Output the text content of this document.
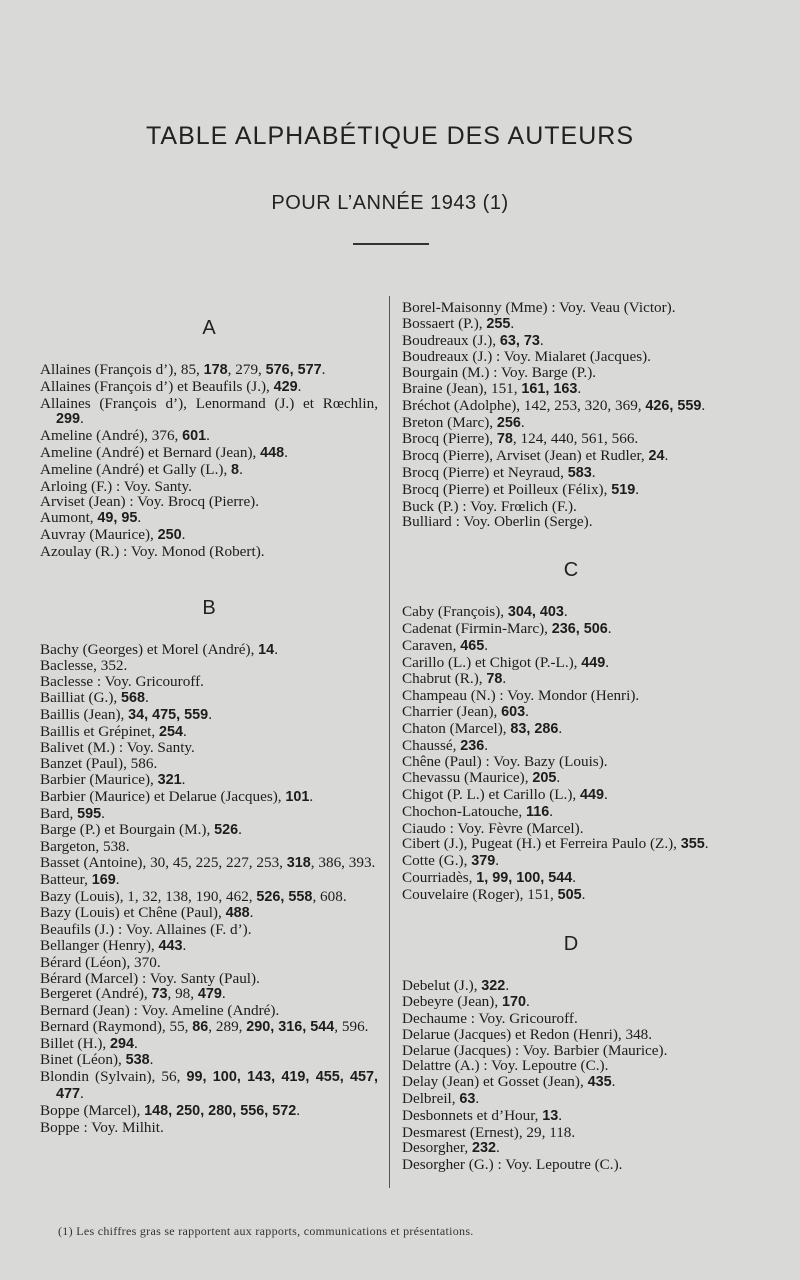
TABLE ALPHABÉTIQUE DES AUTEURS
POUR L’ANNÉE 1943 (1)
A
Allaines (François d’), 85, 178, 279, 576, 577.
Allaines (François d’) et Beaufils (J.), 429.
Allaines (François d’), Lenormand (J.) et Rœchlin, 299.
Ameline (André), 376, 601.
Ameline (André) et Bernard (Jean), 448.
Ameline (André) et Gally (L.), 8.
Arloing (F.) : Voy. Santy.
Arviset (Jean) : Voy. Brocq (Pierre).
Aumont, 49, 95.
Auvray (Maurice), 250.
Azoulay (R.) : Voy. Monod (Robert).
B
Bachy (Georges) et Morel (André), 14.
Baclesse, 352.
Baclesse : Voy. Gricouroff.
Bailliat (G.), 568.
Baillis (Jean), 34, 475, 559.
Baillis et Grépinet, 254.
Balivet (M.) : Voy. Santy.
Banzet (Paul), 586.
Barbier (Maurice), 321.
Barbier (Maurice) et Delarue (Jacques), 101.
Bard, 595.
Barge (P.) et Bourgain (M.), 526.
Bargeton, 538.
Basset (Antoine), 30, 45, 225, 227, 253, 318, 386, 393.
Batteur, 169.
Bazy (Louis), 1, 32, 138, 190, 462, 526, 558, 608.
Bazy (Louis) et Chêne (Paul), 488.
Beaufils (J.) : Voy. Allaines (F. d’).
Bellanger (Henry), 443.
Bérard (Léon), 370.
Bérard (Marcel) : Voy. Santy (Paul).
Bergeret (André), 73, 98, 479.
Bernard (Jean) : Voy. Ameline (André).
Bernard (Raymond), 55, 86, 289, 290, 316, 544, 596.
Billet (H.), 294.
Binet (Léon), 538.
Blondin (Sylvain), 56, 99, 100, 143, 419, 455, 457, 477.
Boppe (Marcel), 148, 250, 280, 556, 572.
Boppe : Voy. Milhit.
Borel-Maisonny (Mme) : Voy. Veau (Victor).
Bossaert (P.), 255.
Boudreaux (J.), 63, 73.
Boudreaux (J.) : Voy. Mialaret (Jacques).
Bourgain (M.) : Voy. Barge (P.).
Braine (Jean), 151, 161, 163.
Bréchot (Adolphe), 142, 253, 320, 369, 426, 559.
Breton (Marc), 256.
Brocq (Pierre), 78, 124, 440, 561, 566.
Brocq (Pierre), Arviset (Jean) et Rudler, 24.
Brocq (Pierre) et Neyraud, 583.
Brocq (Pierre) et Poilleux (Félix), 519.
Buck (P.) : Voy. Frœlich (F.).
Bulliard : Voy. Oberlin (Serge).
C
Caby (François), 304, 403.
Cadenat (Firmin-Marc), 236, 506.
Caraven, 465.
Carillo (L.) et Chigot (P.-L.), 449.
Chabrut (R.), 78.
Champeau (N.) : Voy. Mondor (Henri).
Charrier (Jean), 603.
Chaton (Marcel), 83, 286.
Chaussé, 236.
Chêne (Paul) : Voy. Bazy (Louis).
Chevassu (Maurice), 205.
Chigot (P. L.) et Carillo (L.), 449.
Chochon-Latouche, 116.
Ciaudo : Voy. Fèvre (Marcel).
Cibert (J.), Pugeat (H.) et Ferreira Paulo (Z.), 355.
Cotte (G.), 379.
Courriadès, 1, 99, 100, 544.
Couvelaire (Roger), 151, 505.
D
Debelut (J.), 322.
Debeyre (Jean), 170.
Dechaume : Voy. Gricouroff.
Delarue (Jacques) et Redon (Henri), 348.
Delarue (Jacques) : Voy. Barbier (Maurice).
Delattre (A.) : Voy. Lepoutre (C.).
Delay (Jean) et Gosset (Jean), 435.
Delbreil, 63.
Desbonnets et d’Hour, 13.
Desmarest (Ernest), 29, 118.
Desorgher, 232.
Desorgher (G.) : Voy. Lepoutre (C.).
(1) Les chiffres gras se rapportent aux rapports, communications et présentations.
